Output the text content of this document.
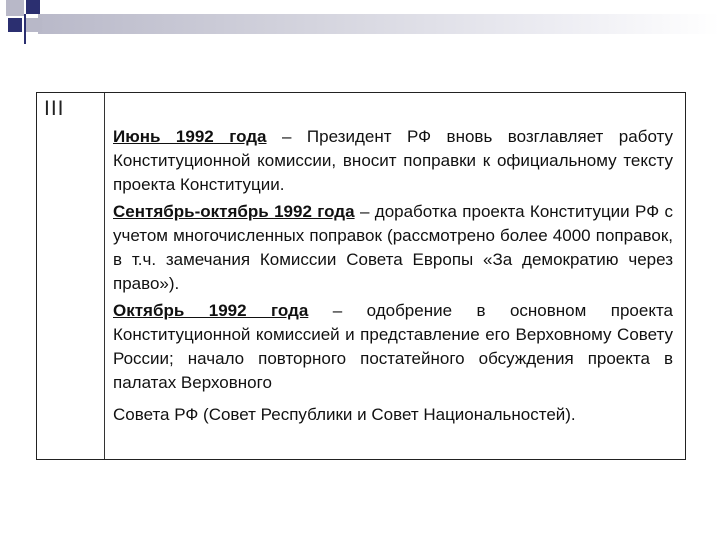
III

Июнь 1992 года – Президент РФ вновь возглавляет работу Конституционной комиссии, вносит поправки к официальному тексту проекта Конституции.

Сентябрь-октябрь 1992 года – доработка проекта Конституции РФ с учетом многочисленных поправок (рассмотрено более 4000 поправок, в т.ч. замечания Комиссии Совета Европы «За демократию через право»).

Октябрь 1992 года – одобрение в основном проекта Конституционной комиссией и представление его Верховному Совету России; начало повторного постатейного обсуждения проекта в палатах Верховного

Совета РФ (Совет Республики и Совет Национальностей).
